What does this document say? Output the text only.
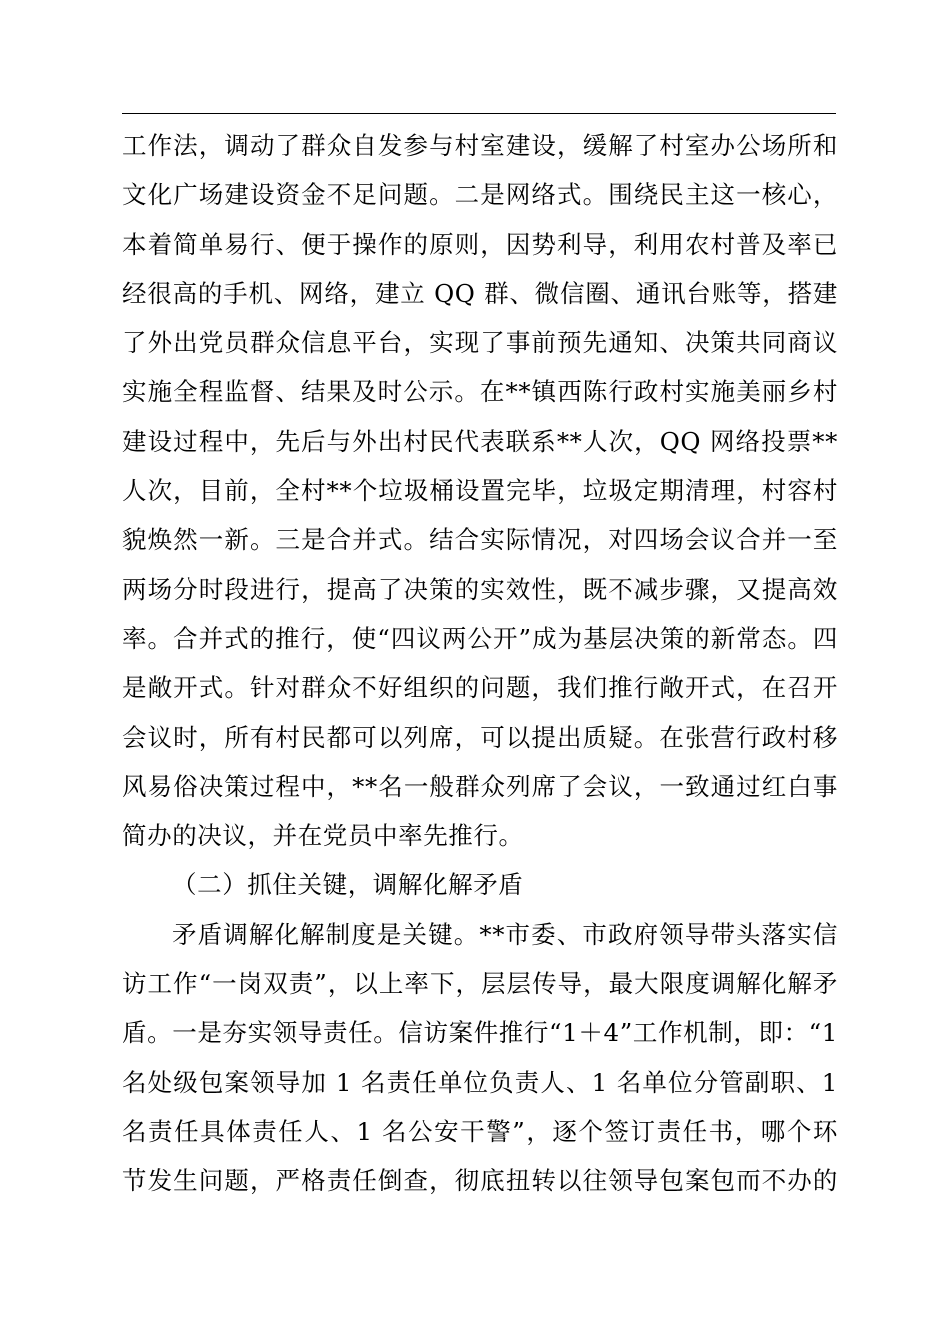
工作法，调动了群众自发参与村室建设，缓解了村室办公场所和
文化广场建设资金不足问题。二是网络式。围绕民主这一核心，
本着简单易行、便于操作的原则，因势利导，利用农村普及率已
经很高的手机、网络，建立 QQ 群、微信圈、通讯台账等，搭建
了外出党员群众信息平台，实现了事前预先通知、决策共同商议
实施全程监督、结果及时公示。在**镇西陈行政村实施美丽乡村
建设过程中，先后与外出村民代表联系**人次，QQ 网络投票**
人次，目前，全村**个垃圾桶设置完毕，垃圾定期清理，村容村
貌焕然一新。三是合并式。结合实际情况，对四场会议合并一至
两场分时段进行，提高了决策的实效性，既不减步骤，又提高效
率。合并式的推行，使“四议两公开”成为基层决策的新常态。四
是敞开式。针对群众不好组织的问题，我们推行敞开式，在召开
会议时，所有村民都可以列席，可以提出质疑。在张营行政村移
风易俗决策过程中，**名一般群众列席了会议，一致通过红白事
简办的决议，并在党员中率先推行。
（二）抓住关键，调解化解矛盾
矛盾调解化解制度是关键。**市委、市政府领导带头落实信
访工作“一岗双责”，以上率下，层层传导，最大限度调解化解矛
盾。一是夯实领导责任。信访案件推行“1＋4”工作机制，即：“1
名处级包案领导加 1 名责任单位负责人、1 名单位分管副职、1
名责任具体责任人、1 名公安干警”，逐个签订责任书，哪个环
节发生问题，严格责任倒查，彻底扭转以往领导包案包而不办的
